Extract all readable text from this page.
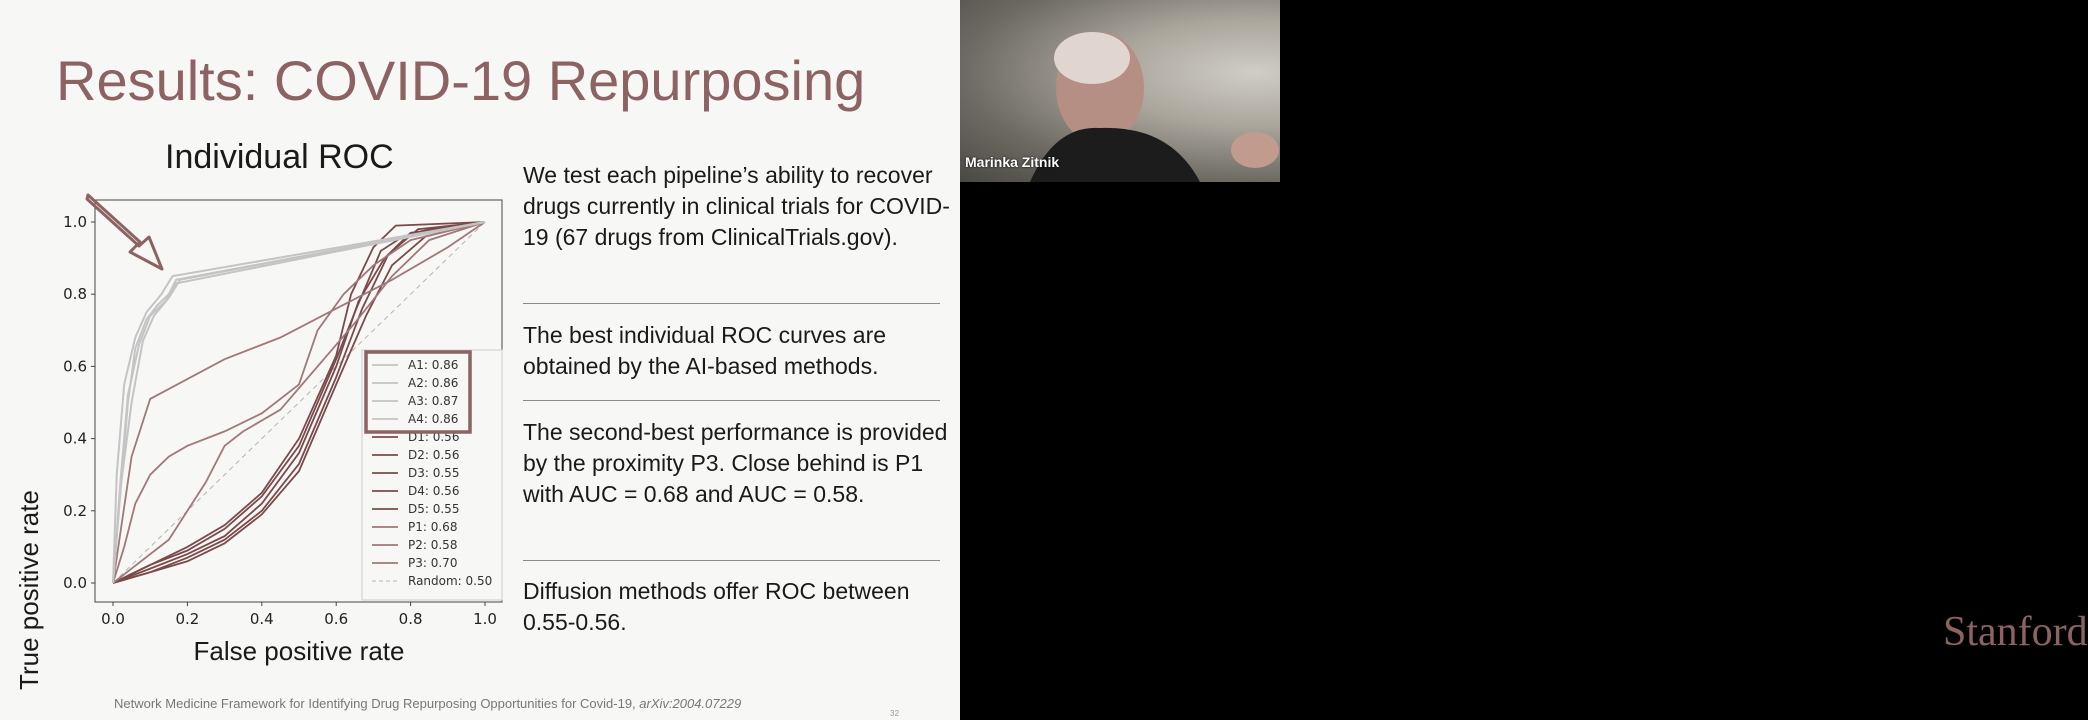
Results: COVID-19 Repurposing
Individual ROC
0.0	0.2	0.4	0.6	0.8	1.0
0.0
0.2
0.4
0.6
0.8
1.0
A1: 0.86
A2: 0.86
A3: 0.87
A4: 0.86
D1: 0.56
D2: 0.56
D3: 0.55
D4: 0.56
D5: 0.55
P1: 0.68
P2: 0.58
P3: 0.70
Random: 0.50
False positive rate
True positive rate
We test each pipeline’s ability to recover drugs currently in clinical trials for COVID-19 (67 drugs from ClinicalTrials.gov).
The best individual ROC curves are obtained by the AI-based methods.
The second-best performance is provided by the proximity P3. Close behind is P1 with AUC = 0.68 and AUC = 0.58.
Diffusion methods offer ROC between 0.55-0.56.
Network Medicine Framework for Identifying Drug Repurposing Opportunities for Covid-19, arXiv:2004.07229
32
Marinka Zitnik
Stanford
